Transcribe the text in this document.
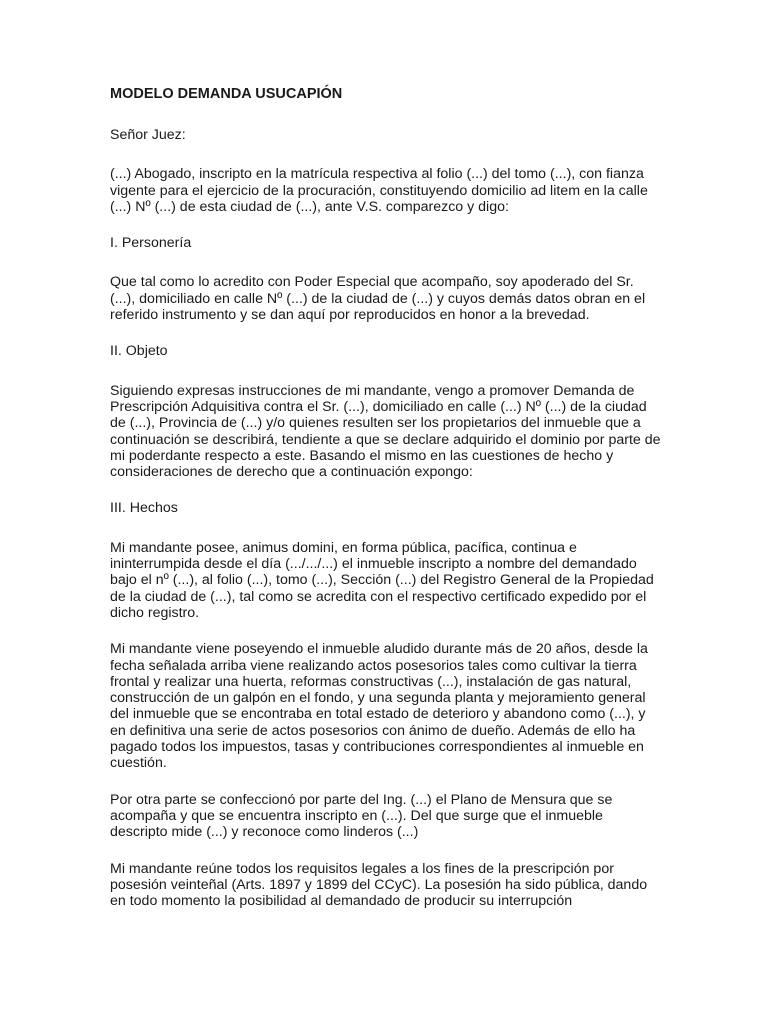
MODELO DEMANDA USUCAPIÓN
Señor Juez:
(...) Abogado, inscripto en la matrícula respectiva al folio (...) del tomo (...), con fianza vigente para el ejercicio de la procuración, constituyendo domicilio ad litem en la calle (...) Nº (...) de esta ciudad de (...), ante V.S. comparezco y digo:
I. Personería
Que tal como lo acredito con Poder Especial que acompaño, soy apoderado del Sr. (...), domiciliado en calle Nº (...) de la ciudad de (...) y cuyos demás datos obran en el referido instrumento y se dan aquí por reproducidos en honor a la brevedad.
II. Objeto
Siguiendo expresas instrucciones de mi mandante, vengo a promover Demanda de Prescripción Adquisitiva contra el Sr. (...), domiciliado en calle (...) Nº (...) de la ciudad de (...), Provincia de (...) y/o quienes resulten ser los propietarios del inmueble que a continuación se describirá, tendiente a que se declare adquirido el dominio por parte de mi poderdante respecto a este. Basando el mismo en las cuestiones de hecho y consideraciones de derecho que a continuación expongo:
III. Hechos
Mi mandante posee, animus domini, en forma pública, pacífica, continua e ininterrumpida desde el día (.../.../...) el inmueble inscripto a nombre del demandado bajo el nº (...), al folio (...), tomo (...), Sección (...) del Registro General de la Propiedad de la ciudad de (...), tal como se acredita con el respectivo certificado expedido por el dicho registro.
Mi mandante viene poseyendo el inmueble aludido durante más de 20 años, desde la fecha señalada arriba viene realizando actos posesorios tales como cultivar la tierra frontal y realizar una huerta, reformas constructivas (...), instalación de gas natural, construcción de un galpón en el fondo, y una segunda planta y mejoramiento general del inmueble que se encontraba en total estado de deterioro y abandono como (...), y en definitiva una serie de actos posesorios con ánimo de dueño. Además de ello ha pagado todos los impuestos, tasas y contribuciones correspondientes al inmueble en cuestión.
Por otra parte se confeccionó por parte del Ing. (...) el Plano de Mensura que se acompaña y que se encuentra inscripto en (...). Del que surge que el inmueble descripto mide (...) y reconoce como linderos (...)
Mi mandante reúne todos los requisitos legales a los fines de la prescripción por posesión veinteñal (Arts. 1897 y 1899 del CCyC). La posesión ha sido pública, dando en todo momento la posibilidad al demandado de producir su interrupción
